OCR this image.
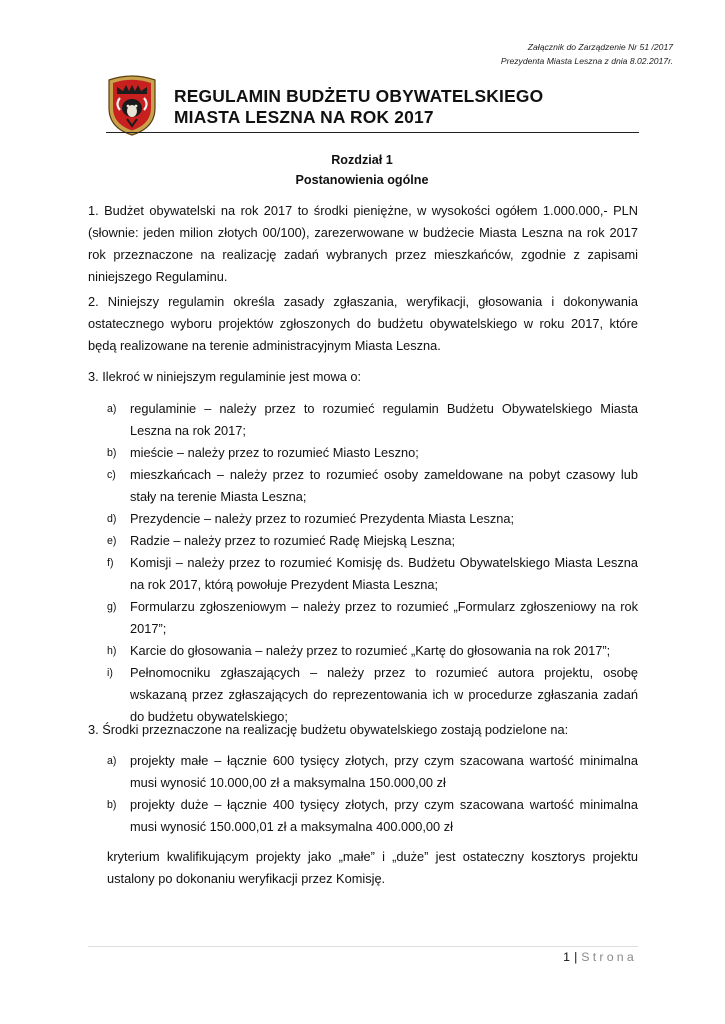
Załącznik do Zarządzenie Nr 51 /2017
Prezydenta Miasta Leszna z dnia 8.02.2017r.
REGULAMIN BUDŻETU OBYWATELSKIEGO
MIASTA LESZNA NA ROK 2017
Rozdział 1
Postanowienia ogólne

1. Budżet obywatelski na rok 2017 to środki pieniężne, w wysokości ogółem 1.000.000,- PLN (słownie: jeden milion złotych 00/100), zarezerwowane w budżecie Miasta Leszna na rok 2017 rok przeznaczone na realizację zadań wybranych przez mieszkańców, zgodnie z zapisami niniejszego Regulaminu.

2. Niniejszy regulamin określa zasady zgłaszania, weryfikacji, głosowania i dokonywania ostatecznego wyboru projektów zgłoszonych do budżetu obywatelskiego w roku 2017, które będą realizowane na terenie administracyjnym Miasta Leszna.

3. Ilekroć w niniejszym regulaminie jest mowa o:

a) regulaminie – należy przez to rozumieć regulamin Budżetu Obywatelskiego Miasta Leszna na rok 2017;
b) mieście – należy przez to rozumieć Miasto Leszno;
c) mieszkańcach – należy przez to rozumieć osoby zameldowane na pobyt czasowy lub stały na terenie Miasta Leszna;
d) Prezydencie – należy przez to rozumieć Prezydenta Miasta Leszna;
e) Radzie – należy przez to rozumieć Radę Miejską Leszna;
f) Komisji – należy przez to rozumieć Komisję ds. Budżetu Obywatelskiego Miasta Leszna na rok 2017, którą powołuje Prezydent Miasta Leszna;
g) Formularzu zgłoszeniowym – należy przez to rozumieć „Formularz zgłoszeniowy na rok 2017”;
h) Karcie do głosowania – należy przez to rozumieć „Kartę do głosowania na rok 2017”;
i) Pełnomocniku zgłaszających – należy przez to rozumieć autora projektu, osobę wskazaną przez zgłaszających do reprezentowania ich w procedurze zgłaszania zadań do budżetu obywatelskiego;

3. Środki przeznaczone na realizację budżetu obywatelskiego zostają podzielone na:

a) projekty małe – łącznie 600 tysięcy złotych, przy czym szacowana wartość minimalna musi wynosić 10.000,00 zł a maksymalna 150.000,00 zł
b) projekty duże – łącznie 400 tysięcy złotych, przy czym szacowana wartość minimalna musi wynosić 150.000,01 zł a maksymalna 400.000,00 zł

kryterium kwalifikującym projekty jako „małe” i „duże” jest ostateczny kosztorys projektu ustalony po dokonaniu weryfikacji przez Komisję.

1 | Strona
